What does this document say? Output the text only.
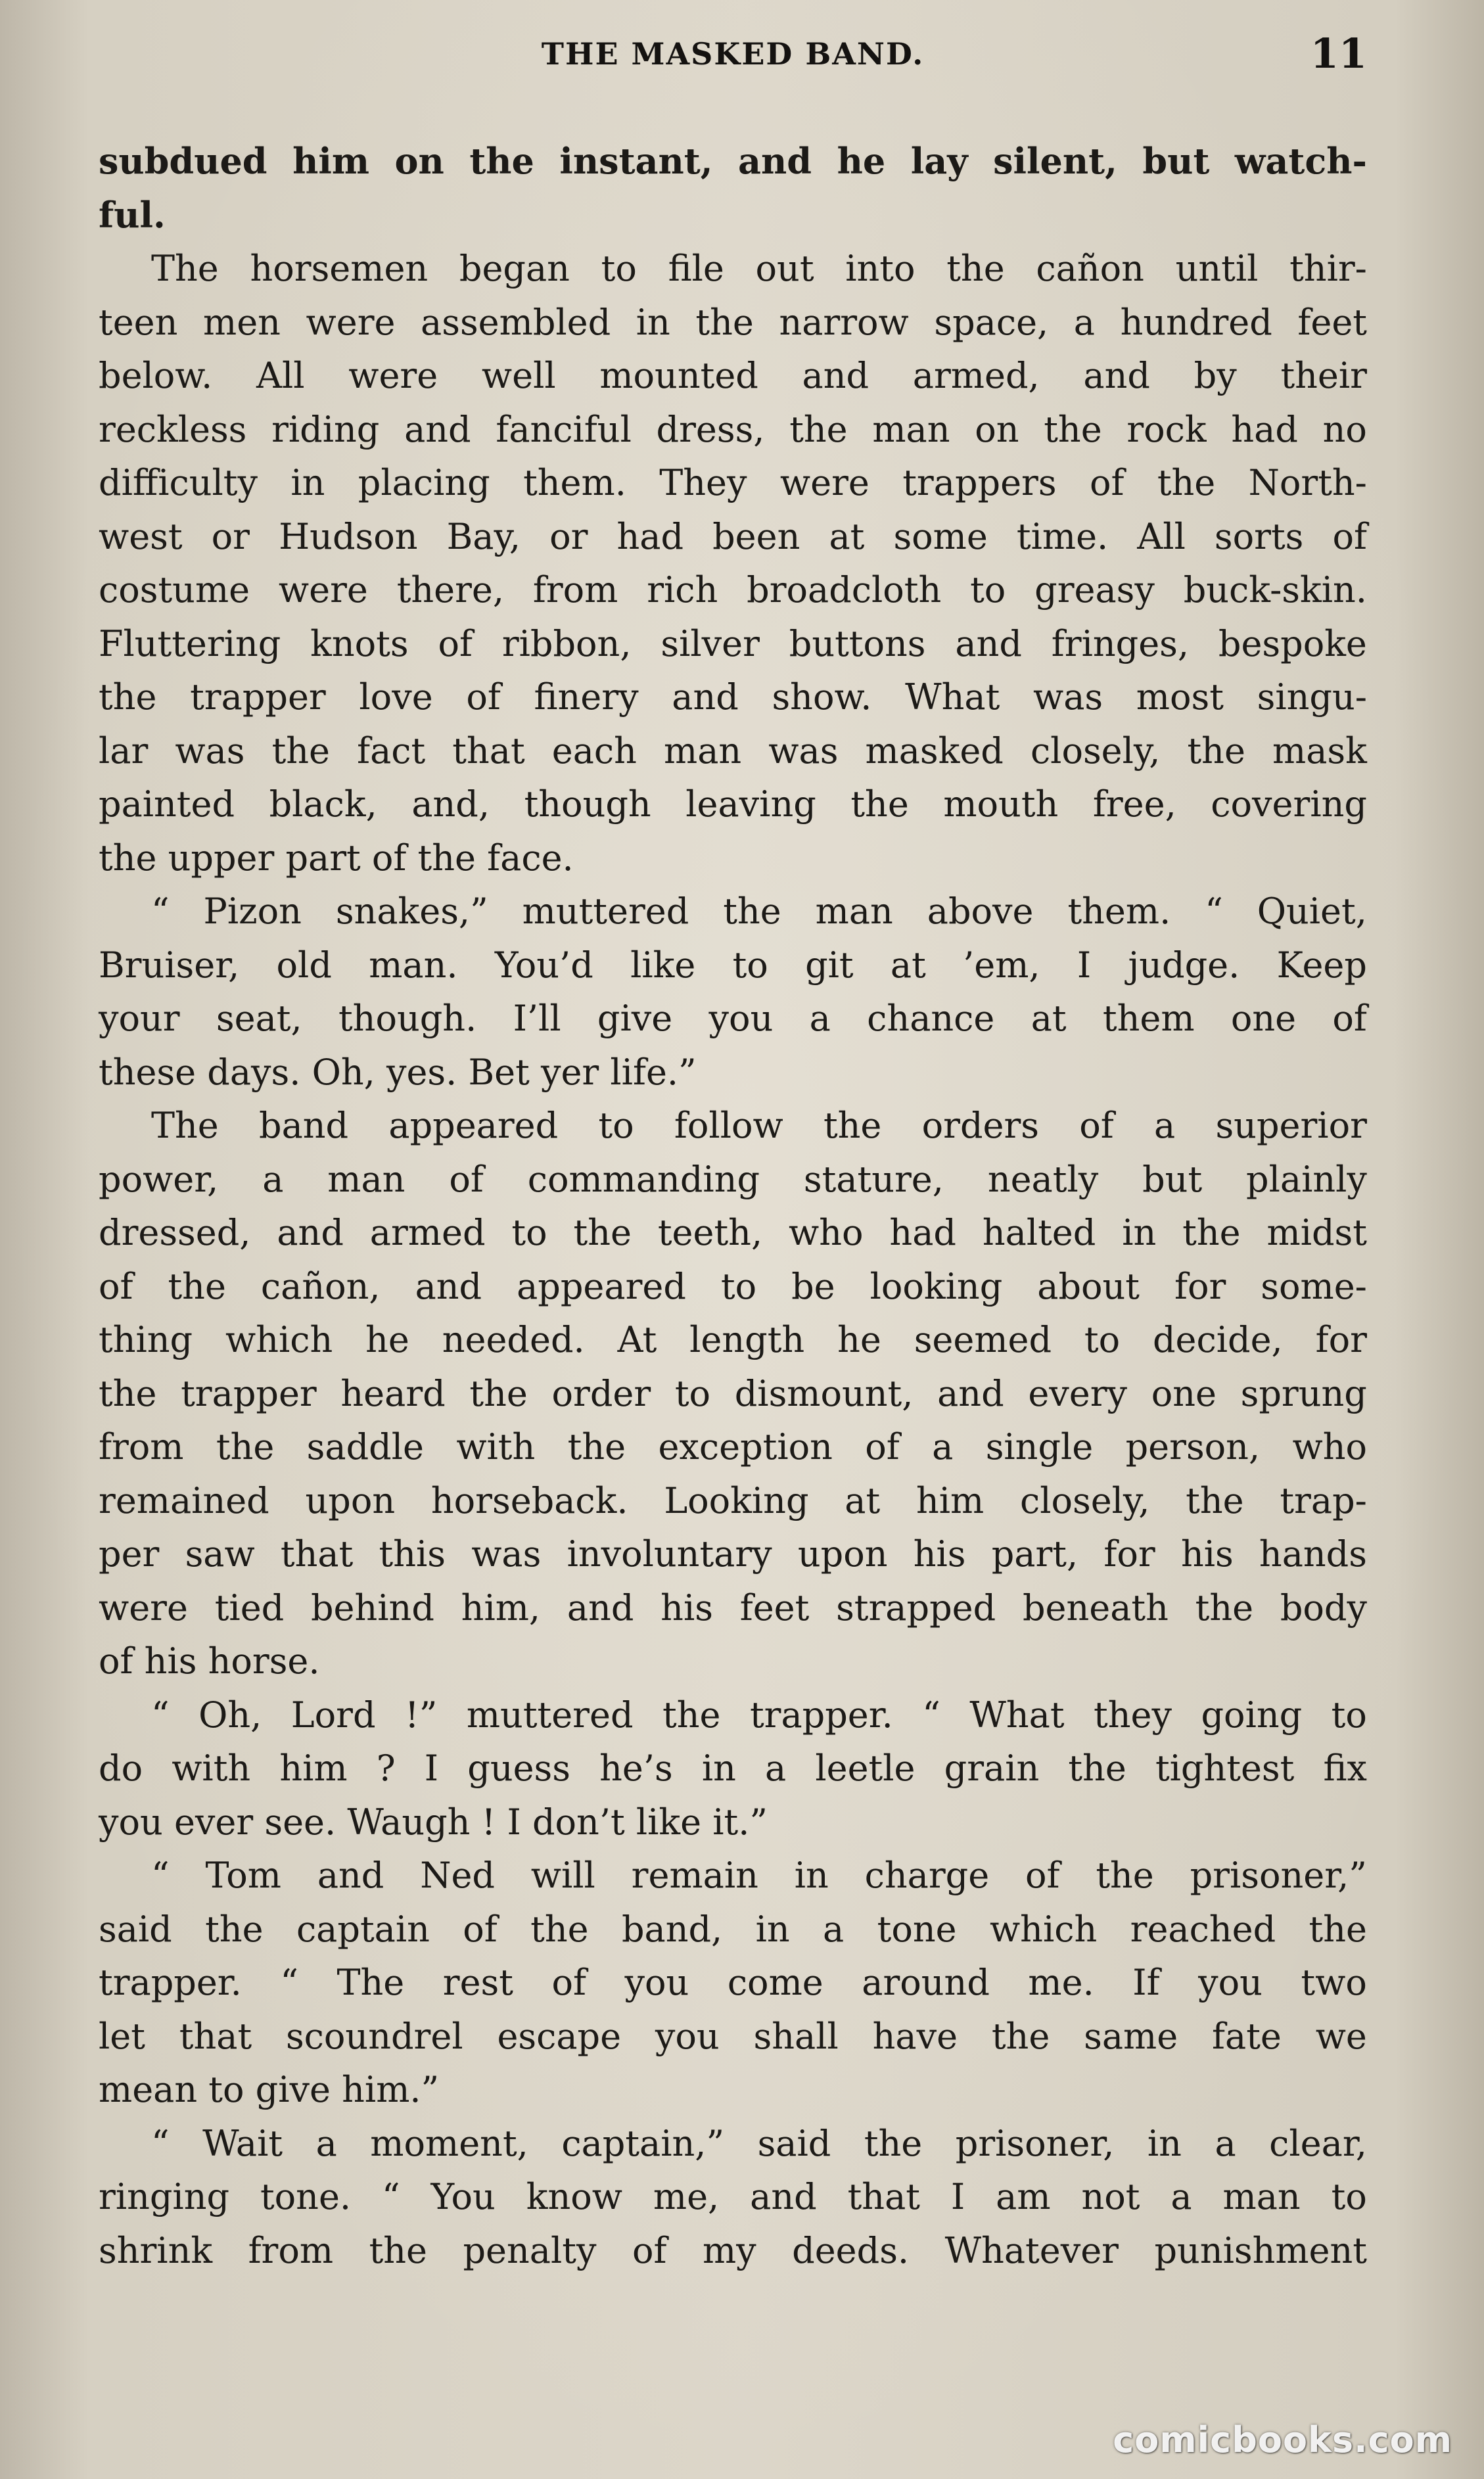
THE MASKED BAND.	11
subdued him on the instant, and he lay silent, but watch-
ful.
The horsemen began to file out into the cañon until thir-
teen men were assembled in the narrow space, a hundred feet
below. All were well mounted and armed, and by their
reckless riding and fanciful dress, the man on the rock had no
difficulty in placing them. They were trappers of the North-
west or Hudson Bay, or had been at some time. All sorts of
costume were there, from rich broadcloth to greasy buck-skin.
Fluttering knots of ribbon, silver buttons and fringes, bespoke
the trapper love of finery and show. What was most singu-
lar was the fact that each man was masked closely, the mask
painted black, and, though leaving the mouth free, covering
the upper part of the face.
“ Pizon snakes,” muttered the man above them. “ Quiet,
Bruiser, old man. You’d like to git at ’em, I judge. Keep
your seat, though. I’ll give you a chance at them one of
these days. Oh, yes. Bet yer life.”
The band appeared to follow the orders of a superior
power, a man of commanding stature, neatly but plainly
dressed, and armed to the teeth, who had halted in the midst
of the cañon, and appeared to be looking about for some-
thing which he needed. At length he seemed to decide, for
the trapper heard the order to dismount, and every one sprung
from the saddle with the exception of a single person, who
remained upon horseback. Looking at him closely, the trap-
per saw that this was involuntary upon his part, for his hands
were tied behind him, and his feet strapped beneath the body
of his horse.
“ Oh, Lord !” muttered the trapper. “ What they going to
do with him ? I guess he’s in a leetle grain the tightest fix
you ever see. Waugh ! I don’t like it.”
“ Tom and Ned will remain in charge of the prisoner,”
said the captain of the band, in a tone which reached the
trapper. “ The rest of you come around me. If you two
let that scoundrel escape you shall have the same fate we
mean to give him.”
“ Wait a moment, captain,” said the prisoner, in a clear,
ringing tone. “ You know me, and that I am not a man to
shrink from the penalty of my deeds. Whatever punishment
comicbooks.com
